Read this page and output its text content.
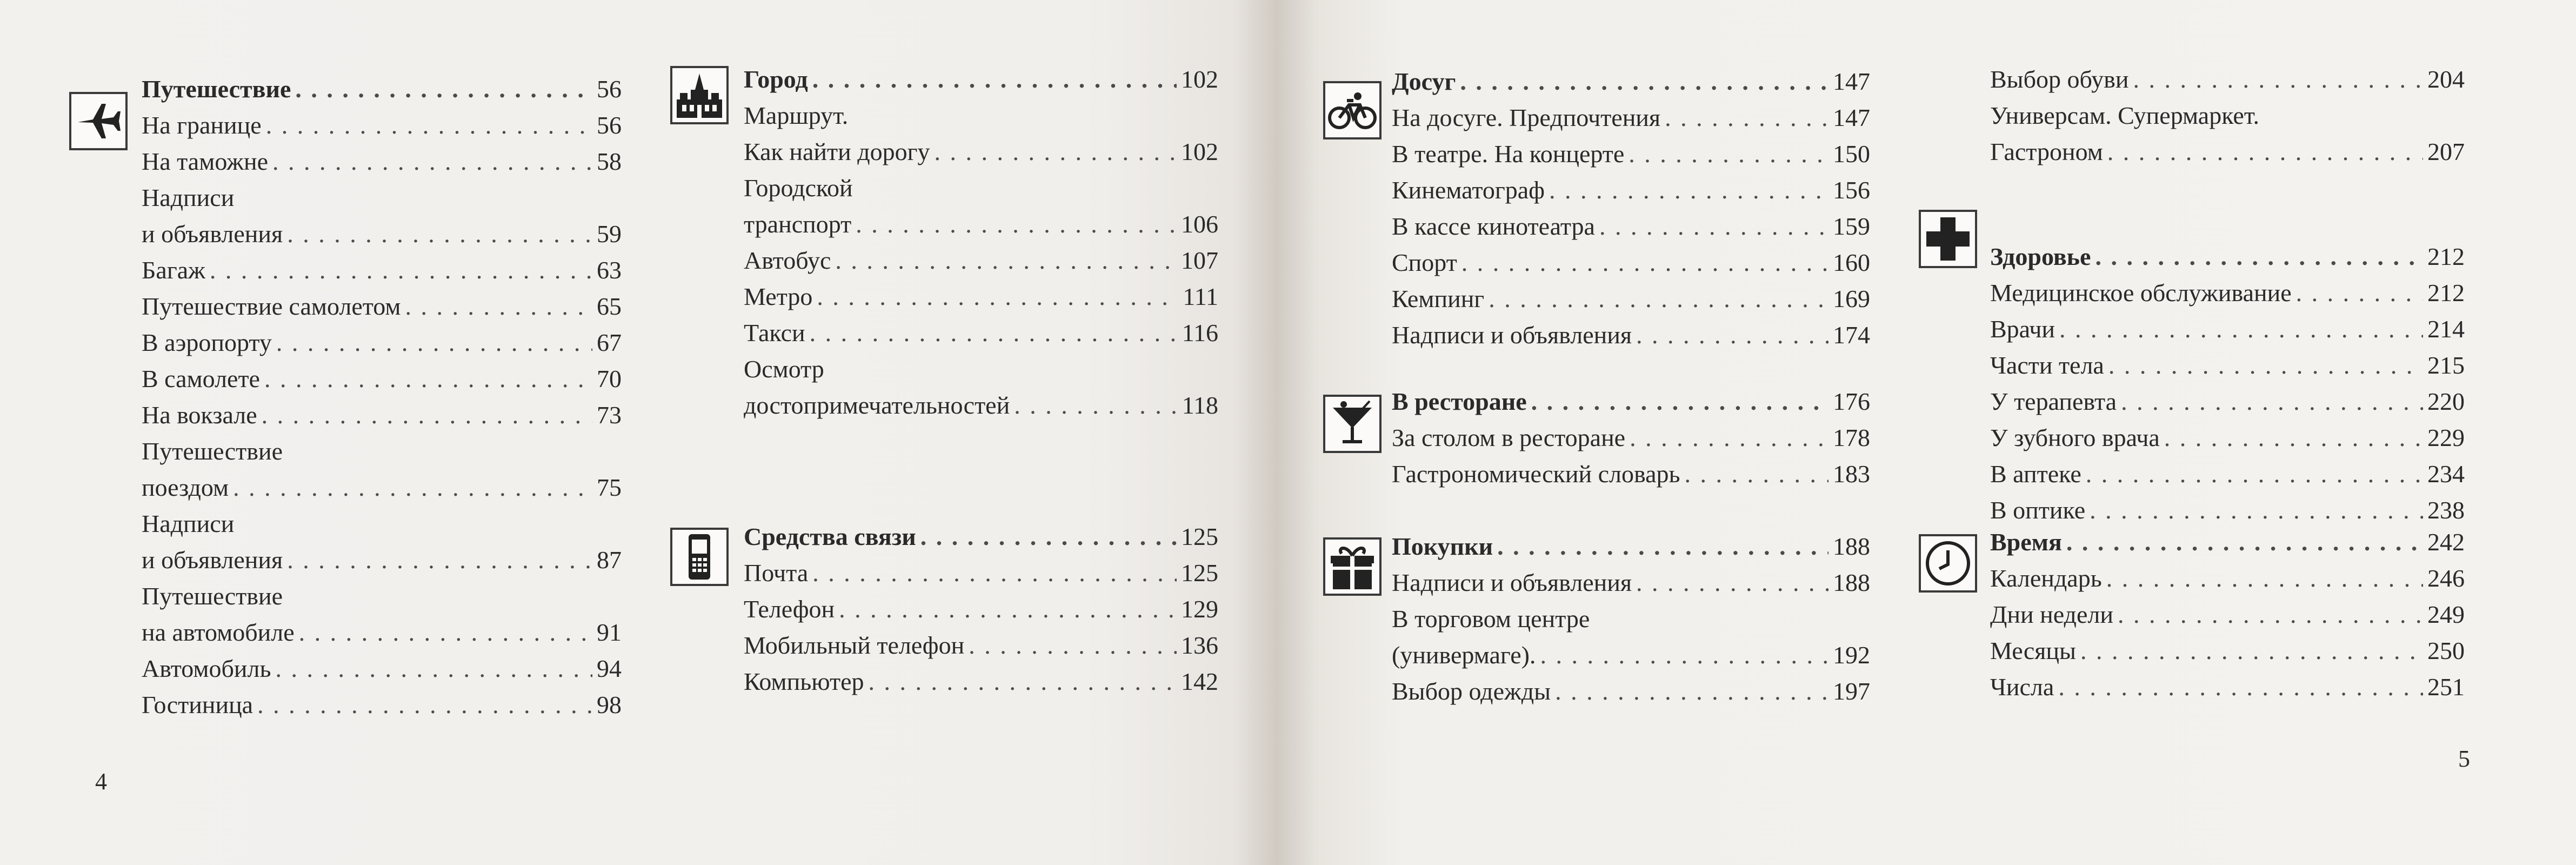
Путешествие . . .	56
На границе . . .	56
На таможне . . .	58
Надписи
и объявления . . .	59
Багаж . . .	63
Путешествие самолетом . . .	65
В аэропорту . . .	67
В самолете . . .	70
На вокзале . . .	73
Путешествие
поездом . . .	75
Надписи
и объявления . . .	87
Путешествие
на автомобиле . . .	91
Автомобиль . . .	94
Гостиница . . .	98
Город . . .	102
Маршрут.
Как найти дорогу . . .	102
Городской
транспорт . . .	106
Автобус . . .	107
Метро . . .	111
Такси . . .	116
Осмотр
достопримечательностей . . .	118
Средства связи . . .	125
Почта . . .	125
Телефон . . .	129
Мобильный телефон . . .	136
Компьютер . . .	142
Досуг . . .	147
На досуге. Предпочтения . . .	147
В театре. На концерте . . .	150
Кинематограф . . .	156
В кассе кинотеатра . . .	159
Спорт . . .	160
Кемпинг . . .	169
Надписи и объявления . . .	174
В ресторане . . .	176
За столом в ресторане . . .	178
Гастрономический словарь . . .	183
Покупки . . .	188
Надписи и объявления . . .	188
В торговом центре
(универмаге). . . .	192
Выбор одежды . . .	197
Выбор обуви . . .	204
Универсам. Супермаркет.
Гастроном . . .	207
Здоровье . . .	212
Медицинское обслуживание . . .	212
Врачи . . .	214
Части тела . . .	215
У терапевта . . .	220
У зубного врача . . .	229
В аптеке . . .	234
В оптике . . .	238
Время . . .	242
Календарь . . .	246
Дни недели . . .	249
Месяцы . . .	250
Числа . . .	251
4
5
